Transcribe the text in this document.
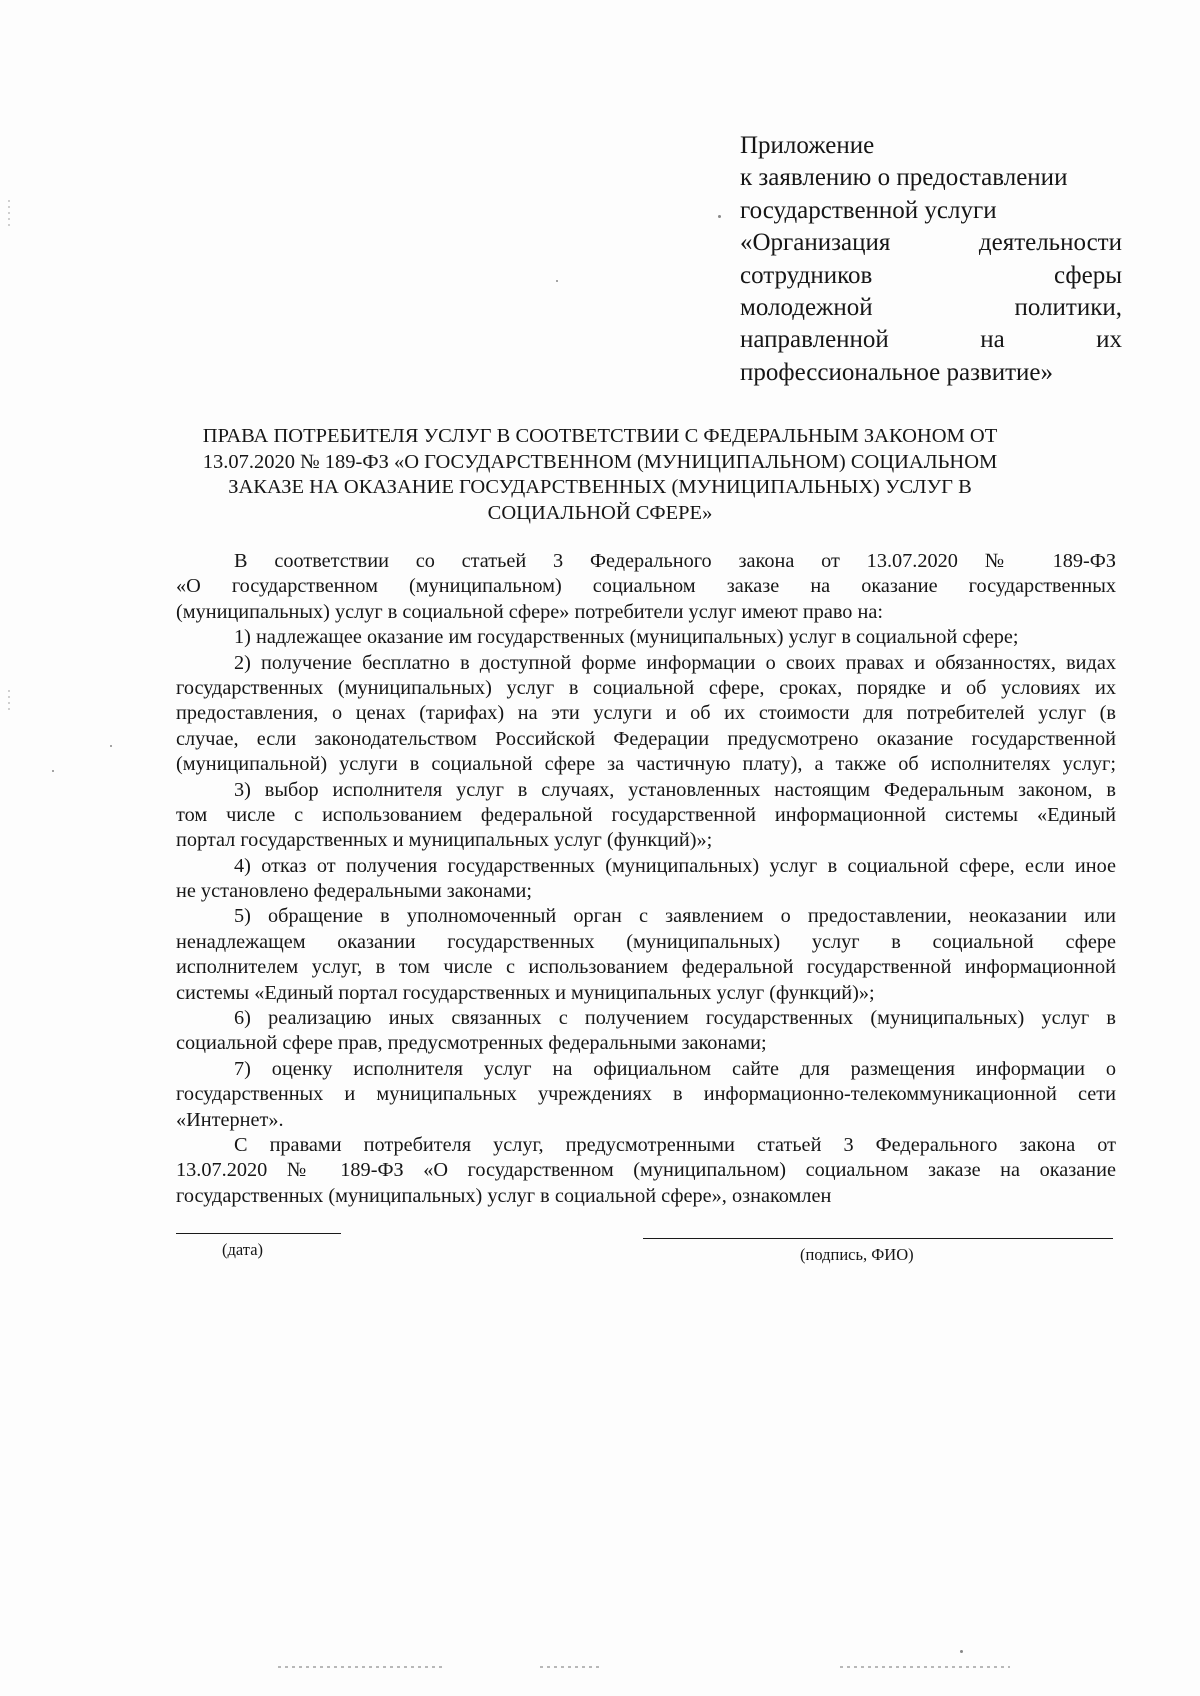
Приложение
к заявлению о предоставлении
государственной услуги
«Организация	деятельности
сотрудников	сферы
молодежной	политики,
направленной	на	их
профессиональное развитие»
ПРАВА ПОТРЕБИТЕЛЯ УСЛУГ В СООТВЕТСТВИИ С ФЕДЕРАЛЬНЫМ ЗАКОНОМ ОТ
13.07.2020 № 189-ФЗ «О ГОСУДАРСТВЕННОМ (МУНИЦИПАЛЬНОМ) СОЦИАЛЬНОМ
ЗАКАЗЕ НА ОКАЗАНИЕ ГОСУДАРСТВЕННЫХ (МУНИЦИПАЛЬНЫХ) УСЛУГ В
СОЦИАЛЬНОЙ СФЕРЕ»
В соответствии со статьей 3 Федерального закона от 13.07.2020 № 189-ФЗ
«О государственном (муниципальном) социальном заказе на оказание государственных
(муниципальных) услуг в социальной сфере» потребители услуг имеют право на:
1) надлежащее оказание им государственных (муниципальных) услуг в социальной сфере;
2) получение бесплатно в доступной форме информации о своих правах и обязанностях, видах
государственных (муниципальных) услуг в социальной сфере, сроках, порядке и об условиях их
предоставления, о ценах (тарифах) на эти услуги и об их стоимости для потребителей услуг (в
случае, если законодательством Российской Федерации предусмотрено оказание государственной
(муниципальной) услуги в социальной сфере за частичную плату), а также об исполнителях услуг;
3) выбор исполнителя услуг в случаях, установленных настоящим Федеральным законом, в
том числе с использованием федеральной государственной информационной системы «Единый
портал государственных и муниципальных услуг (функций)»;
4) отказ от получения государственных (муниципальных) услуг в социальной сфере, если иное
не установлено федеральными законами;
5) обращение в уполномоченный орган с заявлением о предоставлении, неоказании или
ненадлежащем оказании государственных (муниципальных) услуг в социальной сфере
исполнителем услуг, в том числе с использованием федеральной государственной информационной
системы «Единый портал государственных и муниципальных услуг (функций)»;
6) реализацию иных связанных с получением государственных (муниципальных) услуг в
социальной сфере прав, предусмотренных федеральными законами;
7) оценку исполнителя услуг на официальном сайте для размещения информации о
государственных и муниципальных учреждениях в информационно-телекоммуникационной сети
«Интернет».
С правами потребителя услуг, предусмотренными статьей 3 Федерального закона от
13.07.2020 № 189-ФЗ «О государственном (муниципальном) социальном заказе на оказание
государственных (муниципальных) услуг в социальной сфере», ознакомлен
(дата)	(подпись, ФИО)
